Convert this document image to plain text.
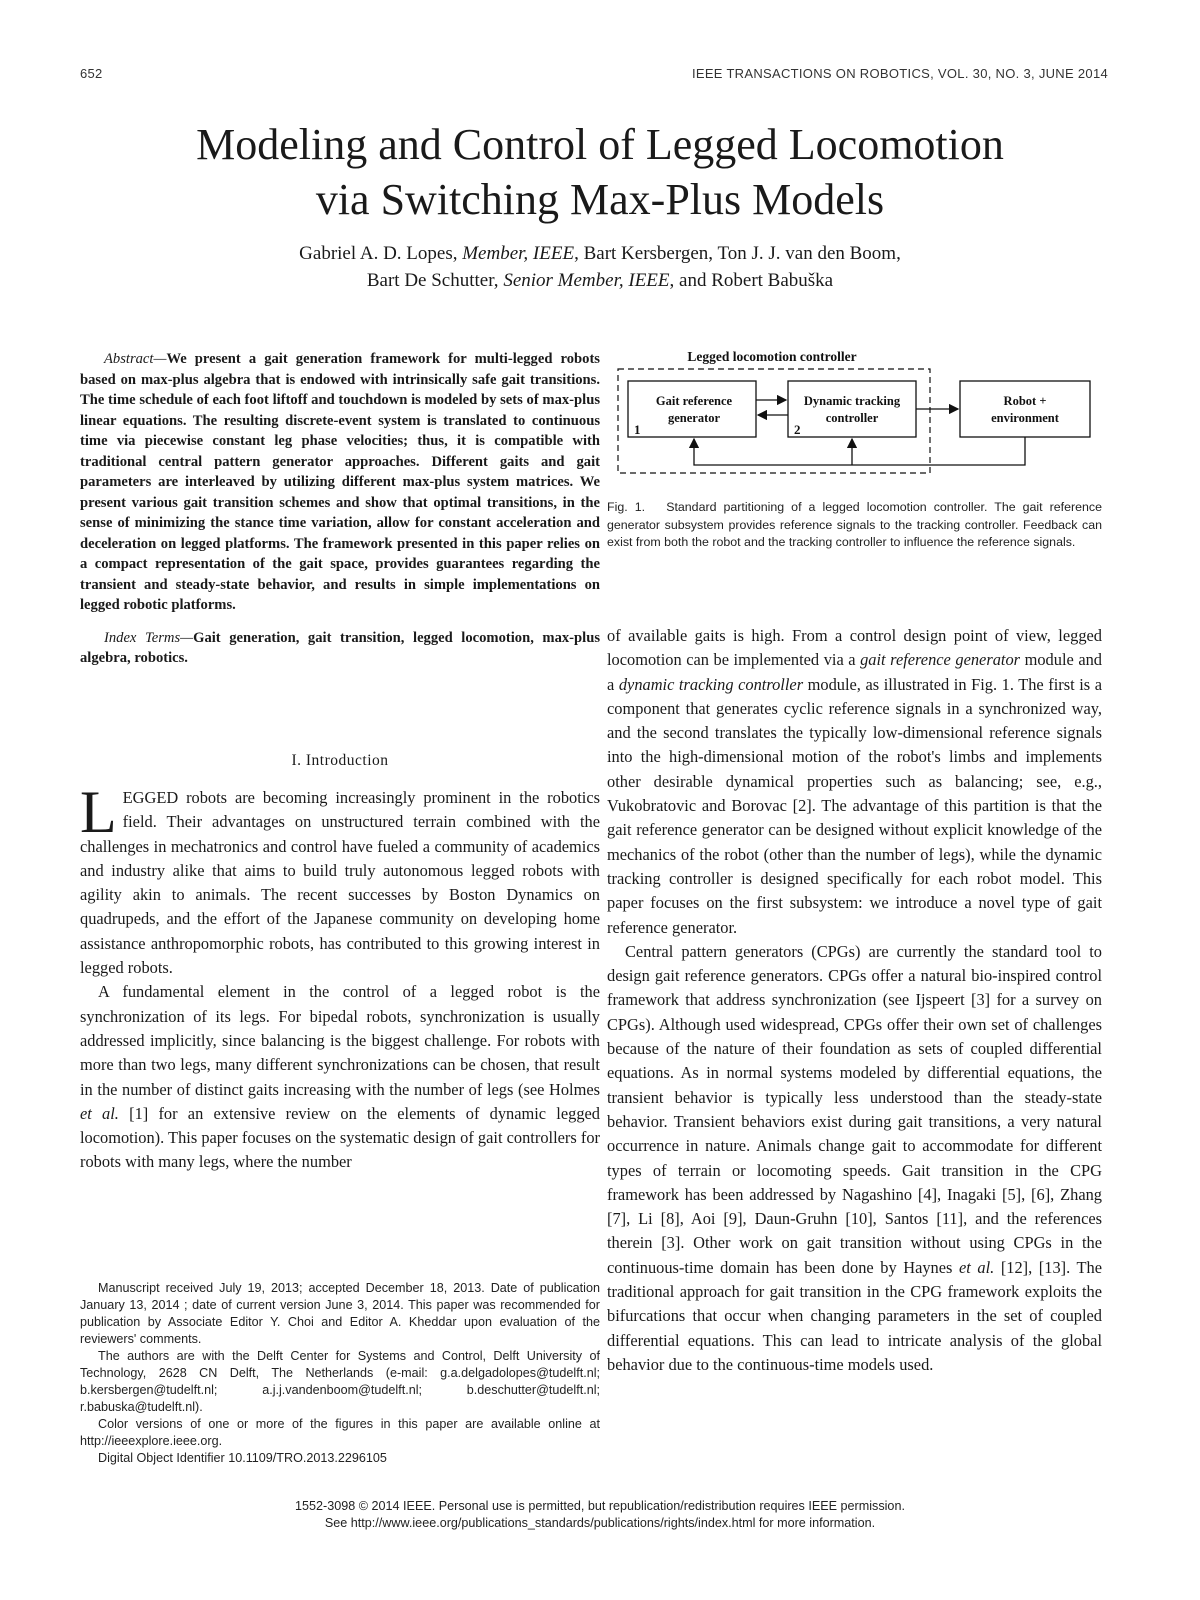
652	IEEE TRANSACTIONS ON ROBOTICS, VOL. 30, NO. 3, JUNE 2014
Modeling and Control of Legged Locomotion
via Switching Max-Plus Models
Gabriel A. D. Lopes, Member, IEEE, Bart Kersbergen, Ton J. J. van den Boom,
Bart De Schutter, Senior Member, IEEE, and Robert Babuška

Abstract—We present a gait generation framework for multi-legged robots based on max-plus algebra that is endowed with intrinsically safe gait transitions. The time schedule of each foot liftoff and touchdown is modeled by sets of max-plus linear equations. The resulting discrete-event system is translated to continuous time via piecewise constant leg phase velocities; thus, it is compatible with traditional central pattern generator approaches. Different gaits and gait parameters are interleaved by utilizing different max-plus system matrices. We present various gait transition schemes and show that optimal transitions, in the sense of minimizing the stance time variation, allow for constant acceleration and deceleration on legged platforms. The framework presented in this paper relies on a compact representation of the gait space, provides guarantees regarding the transient and steady-state behavior, and results in simple implementations on legged robotic platforms.

Index Terms—Gait generation, gait transition, legged locomotion, max-plus algebra, robotics.

I. Introduction

LEGGED robots are becoming increasingly prominent in the robotics field. Their advantages on unstructured terrain combined with the challenges in mechatronics and control have fueled a community of academics and industry alike that aims to build truly autonomous legged robots with agility akin to animals. The recent successes by Boston Dynamics on quadrupeds, and the effort of the Japanese community on developing home assistance anthropomorphic robots, has contributed to this growing interest in legged robots.

A fundamental element in the control of a legged robot is the synchronization of its legs. For bipedal robots, synchronization is usually addressed implicitly, since balancing is the biggest challenge. For robots with more than two legs, many different synchronizations can be chosen, that result in the number of distinct gaits increasing with the number of legs (see Holmes et al. [1] for an extensive review on the elements of dynamic legged locomotion). This paper focuses on the systematic design of gait controllers for robots with many legs, where the number

Manuscript received July 19, 2013; accepted December 18, 2013. Date of publication January 13, 2014 ; date of current version June 3, 2014. This paper was recommended for publication by Associate Editor Y. Choi and Editor A. Kheddar upon evaluation of the reviewers' comments.

The authors are with the Delft Center for Systems and Control, Delft University of Technology, 2628 CN Delft, The Netherlands (e-mail: g.a.delgadolopes@tudelft.nl; b.kersbergen@tudelft.nl; a.j.j.vandenboom@tudelft.nl; b.deschutter@tudelft.nl; r.babuska@tudelft.nl).

Color versions of one or more of the figures in this paper are available online at http://ieeexplore.ieee.org.

Digital Object Identifier 10.1109/TRO.2013.2296105

Legged locomotion controller
Gait reference
generator
1
Dynamic tracking
controller
2
Robot +
environment
Fig. 1. Standard partitioning of a legged locomotion controller. The gait reference generator subsystem provides reference signals to the tracking controller. Feedback can exist from both the robot and the tracking controller to influence the reference signals.

of available gaits is high. From a control design point of view, legged locomotion can be implemented via a gait reference generator module and a dynamic tracking controller module, as illustrated in Fig. 1. The first is a component that generates cyclic reference signals in a synchronized way, and the second translates the typically low-dimensional reference signals into the high-dimensional motion of the robot's limbs and implements other desirable dynamical properties such as balancing; see, e.g., Vukobratovic and Borovac [2]. The advantage of this partition is that the gait reference generator can be designed without explicit knowledge of the mechanics of the robot (other than the number of legs), while the dynamic tracking controller is designed specifically for each robot model. This paper focuses on the first subsystem: we introduce a novel type of gait reference generator.

Central pattern generators (CPGs) are currently the standard tool to design gait reference generators. CPGs offer a natural bio-inspired control framework that address synchronization (see Ijspeert [3] for a survey on CPGs). Although used widespread, CPGs offer their own set of challenges because of the nature of their foundation as sets of coupled differential equations. As in normal systems modeled by differential equations, the transient behavior is typically less understood than the steady-state behavior. Transient behaviors exist during gait transitions, a very natural occurrence in nature. Animals change gait to accommodate for different types of terrain or locomoting speeds. Gait transition in the CPG framework has been addressed by Nagashino [4], Inagaki [5], [6], Zhang [7], Li [8], Aoi [9], Daun-Gruhn [10], Santos [11], and the references therein [3]. Other work on gait transition without using CPGs in the continuous-time domain has been done by Haynes et al. [12], [13]. The traditional approach for gait transition in the CPG framework exploits the bifurcations that occur when changing parameters in the set of coupled differential equations. This can lead to intricate analysis of the global behavior due to the continuous-time models used.

1552-3098 © 2014 IEEE. Personal use is permitted, but republication/redistribution requires IEEE permission.
See http://www.ieee.org/publications_standards/publications/rights/index.html for more information.
